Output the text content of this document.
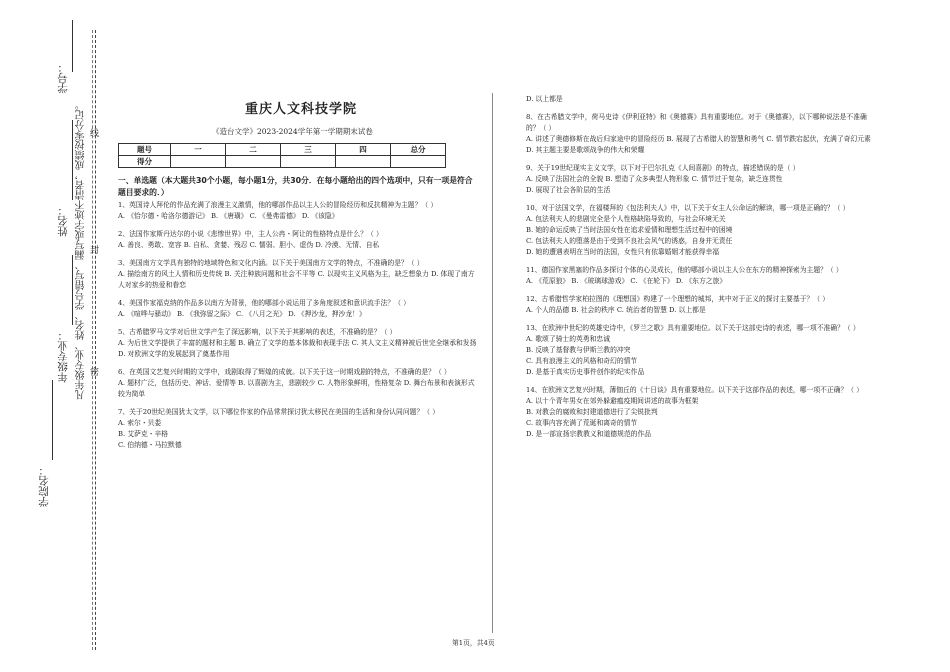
学号：
姓名：
年级专业：
学院名：
凡年级专业、姓名、学号错写、漏写或字迹不清者，成绩按零分记。 密
封
线
重庆人文科技学院
《造台文学》2023-2024学年第一学期期末试卷
题号	一	二	三	四	总分
得分					
一、单选题（本大题共30个小题，每小题1分，共30分．在每小题给出的四个选项中，只有一项是符合题目要求的．）
1、英国诗人拜伦的作品充满了浪漫主义激情，他的哪部作品以主人公的冒险经历和反抗精神为主题？（ ）
A. 《恰尔德・哈洛尔德游记》 B. 《唐璜》 C. 《曼弗雷德》 D. 《该隐》
2、法国作家斯丹达尔的小说《悲惨世界》中，主人公冉・阿让的性格特点是什么？（ ）
A. 善良、勇敢、宽容 B. 自私、贪婪、残忍 C. 懦弱、胆小、虚伪 D. 冷漠、无情、自私
3、美国南方文学具有独特的地域特色和文化内涵。以下关于美国南方文学的特点，不准确的是？（ ）
A. 描绘南方的风土人情和历史传统 B. 关注种族问题和社会不平等 C. 以现实主义风格为主，缺乏想象力 D. 体现了南方人对家乡的热爱和眷恋
4、美国作家福克纳的作品多以南方为背景，他的哪部小说运用了多角度叙述和意识流手法？（ ）
A. 《喧哗与骚动》 B. 《我弥留之际》 C. 《八月之光》 D. 《押沙龙，押沙龙！》
5、古希腊罗马文学对后世文学产生了深远影响，以下关于其影响的表述，不准确的是？（ ）
A. 为后世文学提供了丰富的题材和主题 B. 确立了文学的基本体裁和表现手法 C. 其人文主义精神被后世完全继承和发扬 D. 对欧洲文学的发展起到了奠基作用
6、在英国文艺复兴时期的文学中，戏剧取得了辉煌的成就。以下关于这一时期戏剧的特点，不准确的是？（ ）
A. 题材广泛，包括历史、神话、爱情等 B. 以喜剧为主，悲剧较少 C. 人物形象鲜明，性格复杂 D. 舞台布景和表演形式较为简单
7、关于20世纪美国犹太文学，以下哪位作家的作品常常探讨犹太移民在美国的生活和身份认同问题？（ ）
A. 索尔・贝娄
B. 艾萨克・辛格
C. 伯纳德・马拉默德
D. 以上都是
8、在古希腊文学中，荷马史诗《伊利亚特》和《奥德赛》具有重要地位。对于《奥德赛》，以下哪种说法是不准确的？（ ）
A. 讲述了奥德修斯在战后归家途中的冒险经历 B. 展现了古希腊人的智慧和勇气 C. 情节跌宕起伏，充满了奇幻元素 D. 其主题主要是歌颂战争的伟大和荣耀
9、关于19世纪现实主义文学，以下对于巴尔扎克《人间喜剧》的特点，描述错误的是（ ）
A. 反映了法国社会的全貌 B. 塑造了众多典型人物形象 C. 情节过于复杂，缺乏连贯性
D. 展现了社会各阶层的生活
10、对于法国文学，在福楼拜的《包法利夫人》中，以下关于女主人公命运的解读，哪一项是正确的？（ ）
A. 包法利夫人的悲剧完全是个人性格缺陷导致的，与社会环境无关
B. 她的命运反映了当时法国女性在追求爱情和理想生活过程中的困境
C. 包法利夫人的堕落是由于受到不良社会风气的诱惑，自身并无责任
D. 她的遭遇表明在当时的法国，女性只有依靠婚姻才能获得幸福
11、德国作家黑塞的作品多探讨个体的心灵成长，他的哪部小说以主人公在东方的精神探索为主题？（ ）
A. 《荒原狼》 B. 《玻璃球游戏》 C. 《在轮下》 D. 《东方之旅》
12、古希腊哲学家柏拉图的《理想国》构建了一个理想的城邦，其中对于正义的探讨主要基于？（ ）
A. 个人的品德 B. 社会的秩序 C. 统治者的智慧 D. 以上都是
13、在欧洲中世纪的英雄史诗中，《罗兰之歌》具有重要地位。以下关于这部史诗的表述，哪一项不准确？（ ）
A. 歌颂了骑士的英勇和忠诚
B. 反映了基督教与伊斯兰教的冲突
C. 具有浪漫主义的风格和奇幻的情节
D. 是基于真实历史事件创作的纪实作品
14、在欧洲文艺复兴时期，薄伽丘的《十日谈》具有重要地位。以下关于这部作品的表述，哪一项不正确？（ ）
A. 以十个青年男女在郊外躲避瘟疫期间讲述的故事为框架
B. 对教会的腐败和封建道德进行了尖锐批判
C. 故事内容充满了荒诞和离奇的情节
D. 是一部宣扬宗教教义和道德规范的作品
第1页，共4页
